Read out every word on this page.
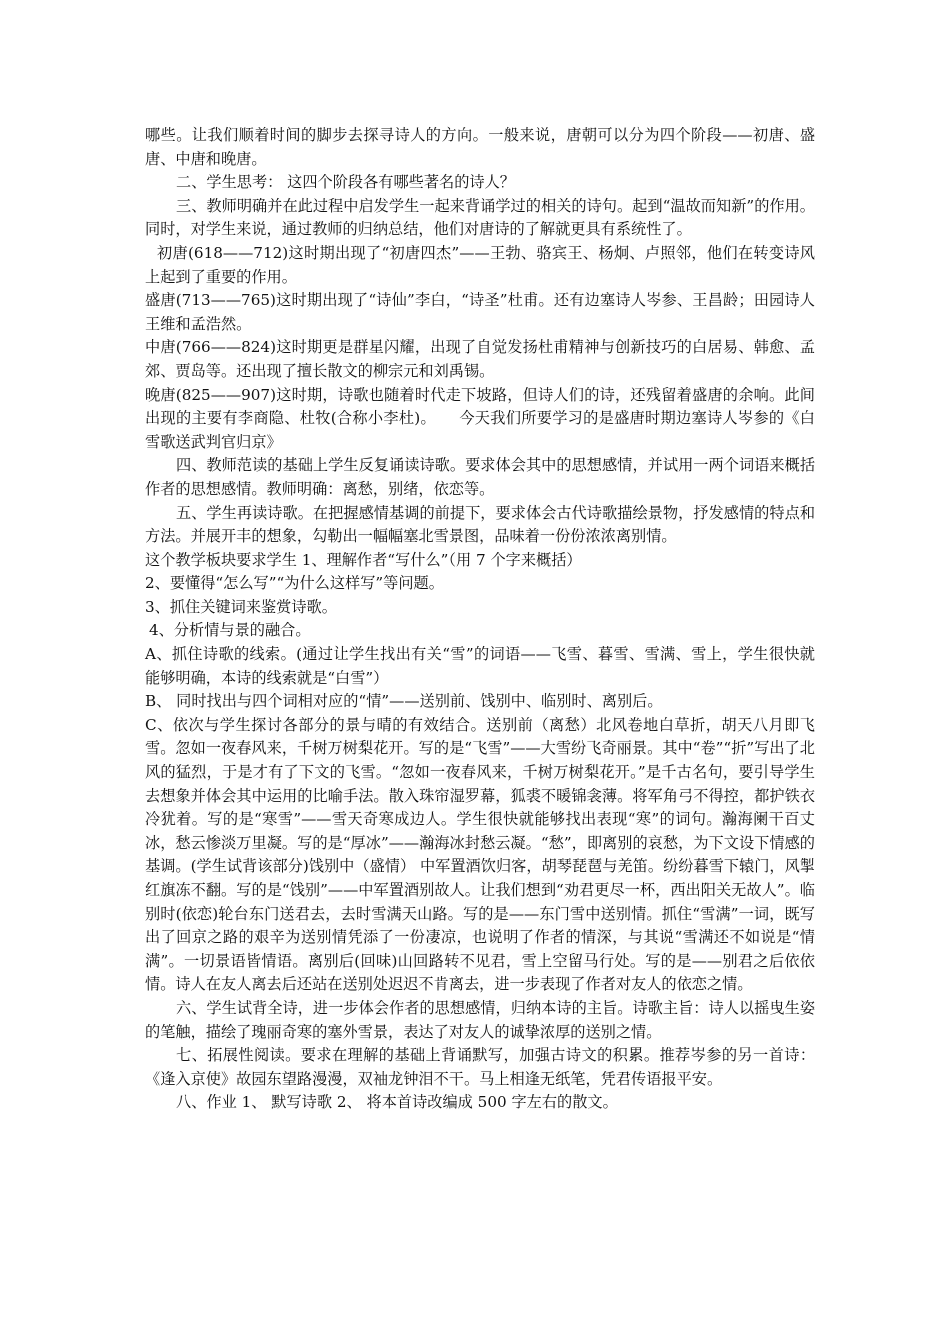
哪些。让我们顺着时间的脚步去探寻诗人的方向。一般来说，唐朝可以分为四个阶段——初唐、盛唐、中唐和晚唐。

二、学生思考： 这四个阶段各有哪些著名的诗人？

三、教师明确并在此过程中启发学生一起来背诵学过的相关的诗句。起到“温故而知新”的作用。同时，对学生来说，通过教师的归纳总结，他们对唐诗的了解就更具有系统性了。

初唐(618——712)这时期出现了“初唐四杰”——王勃、骆宾王、杨炯、卢照邻，他们在转变诗风上起到了重要的作用。

盛唐(713——765)这时期出现了“诗仙”李白，“诗圣”杜甫。还有边塞诗人岑参、王昌龄；田园诗人王维和孟浩然。

中唐(766——824)这时期更是群星闪耀，出现了自觉发扬杜甫精神与创新技巧的白居易、韩愈、孟郊、贾岛等。还出现了擅长散文的柳宗元和刘禹锡。

晚唐(825——907)这时期，诗歌也随着时代走下坡路，但诗人们的诗，还残留着盛唐的余响。此间出现的主要有李商隐、杜牧(合称小李杜)。　　今天我们所要学习的是盛唐时期边塞诗人岑参的《白雪歌送武判官归京》

四、教师范读的基础上学生反复诵读诗歌。要求体会其中的思想感情，并试用一两个词语来概括作者的思想感情。教师明确：离愁，别绪，依恋等。

五、学生再读诗歌。在把握感情基调的前提下，要求体会古代诗歌描绘景物，抒发感情的特点和方法。并展开丰的想象，勾勒出一幅幅塞北雪景图，品味着一份份浓浓离别情。

这个教学板块要求学生 1、理解作者“写什么”（用 7 个字来概括）

2、要懂得“怎么写”“为什么这样写”等问题。

3、抓住关键词来鉴赏诗歌。

4、分析情与景的融合。

A、抓住诗歌的线索。(通过让学生找出有关“雪”的词语——飞雪、暮雪、雪满、雪上，学生很快就能够明确，本诗的线索就是“白雪”）

B、 同时找出与四个词相对应的“情”——送别前、饯别中、临别时、离别后。

C、依次与学生探讨各部分的景与晴的有效结合。送别前（离愁）北风卷地白草折，胡天八月即飞雪。忽如一夜春风来，千树万树梨花开。写的是“飞雪”——大雪纷飞奇丽景。其中“卷”“折”写出了北风的猛烈，于是才有了下文的飞雪。“忽如一夜春风来，千树万树梨花开。”是千古名句，要引导学生去想象并体会其中运用的比喻手法。散入珠帘湿罗幕，狐裘不暖锦衾薄。将军角弓不得控，都护铁衣冷犹着。写的是“寒雪”——雪天奇寒成边人。学生很快就能够找出表现“寒”的词句。瀚海阑干百丈冰，愁云惨淡万里凝。写的是“厚冰”——瀚海冰封愁云凝。“愁”，即离别的哀愁，为下文设下情感的基调。(学生试背该部分)饯别中（盛情） 中军置酒饮归客，胡琴琵琶与羌笛。纷纷暮雪下辕门，风掣红旗冻不翻。写的是“饯别”——中军置酒别故人。让我们想到“劝君更尽一杯，西出阳关无故人”。临别时(依恋)轮台东门送君去，去时雪满天山路。写的是——东门雪中送别情。抓住“雪满”一词，既写出了回京之路的艰辛为送别情凭添了一份凄凉，也说明了作者的情深，与其说“雪满还不如说是“情满”。一切景语皆情语。离别后(回味)山回路转不见君，雪上空留马行处。写的是——别君之后依依情。诗人在友人离去后还站在送别处迟迟不肯离去，进一步表现了作者对友人的依恋之情。

六、学生试背全诗，进一步体会作者的思想感情，归纳本诗的主旨。诗歌主旨：诗人以摇曳生姿的笔触，描绘了瑰丽奇寒的塞外雪景，表达了对友人的诚挚浓厚的送别之情。

七、拓展性阅读。要求在理解的基础上背诵默写，加强古诗文的积累。推荐岑参的另一首诗：《逢入京使》故园东望路漫漫，双袖龙钟泪不干。马上相逢无纸笔，凭君传语报平安。

八、作业 1、 默写诗歌 2、 将本首诗改编成 500 字左右的散文。
